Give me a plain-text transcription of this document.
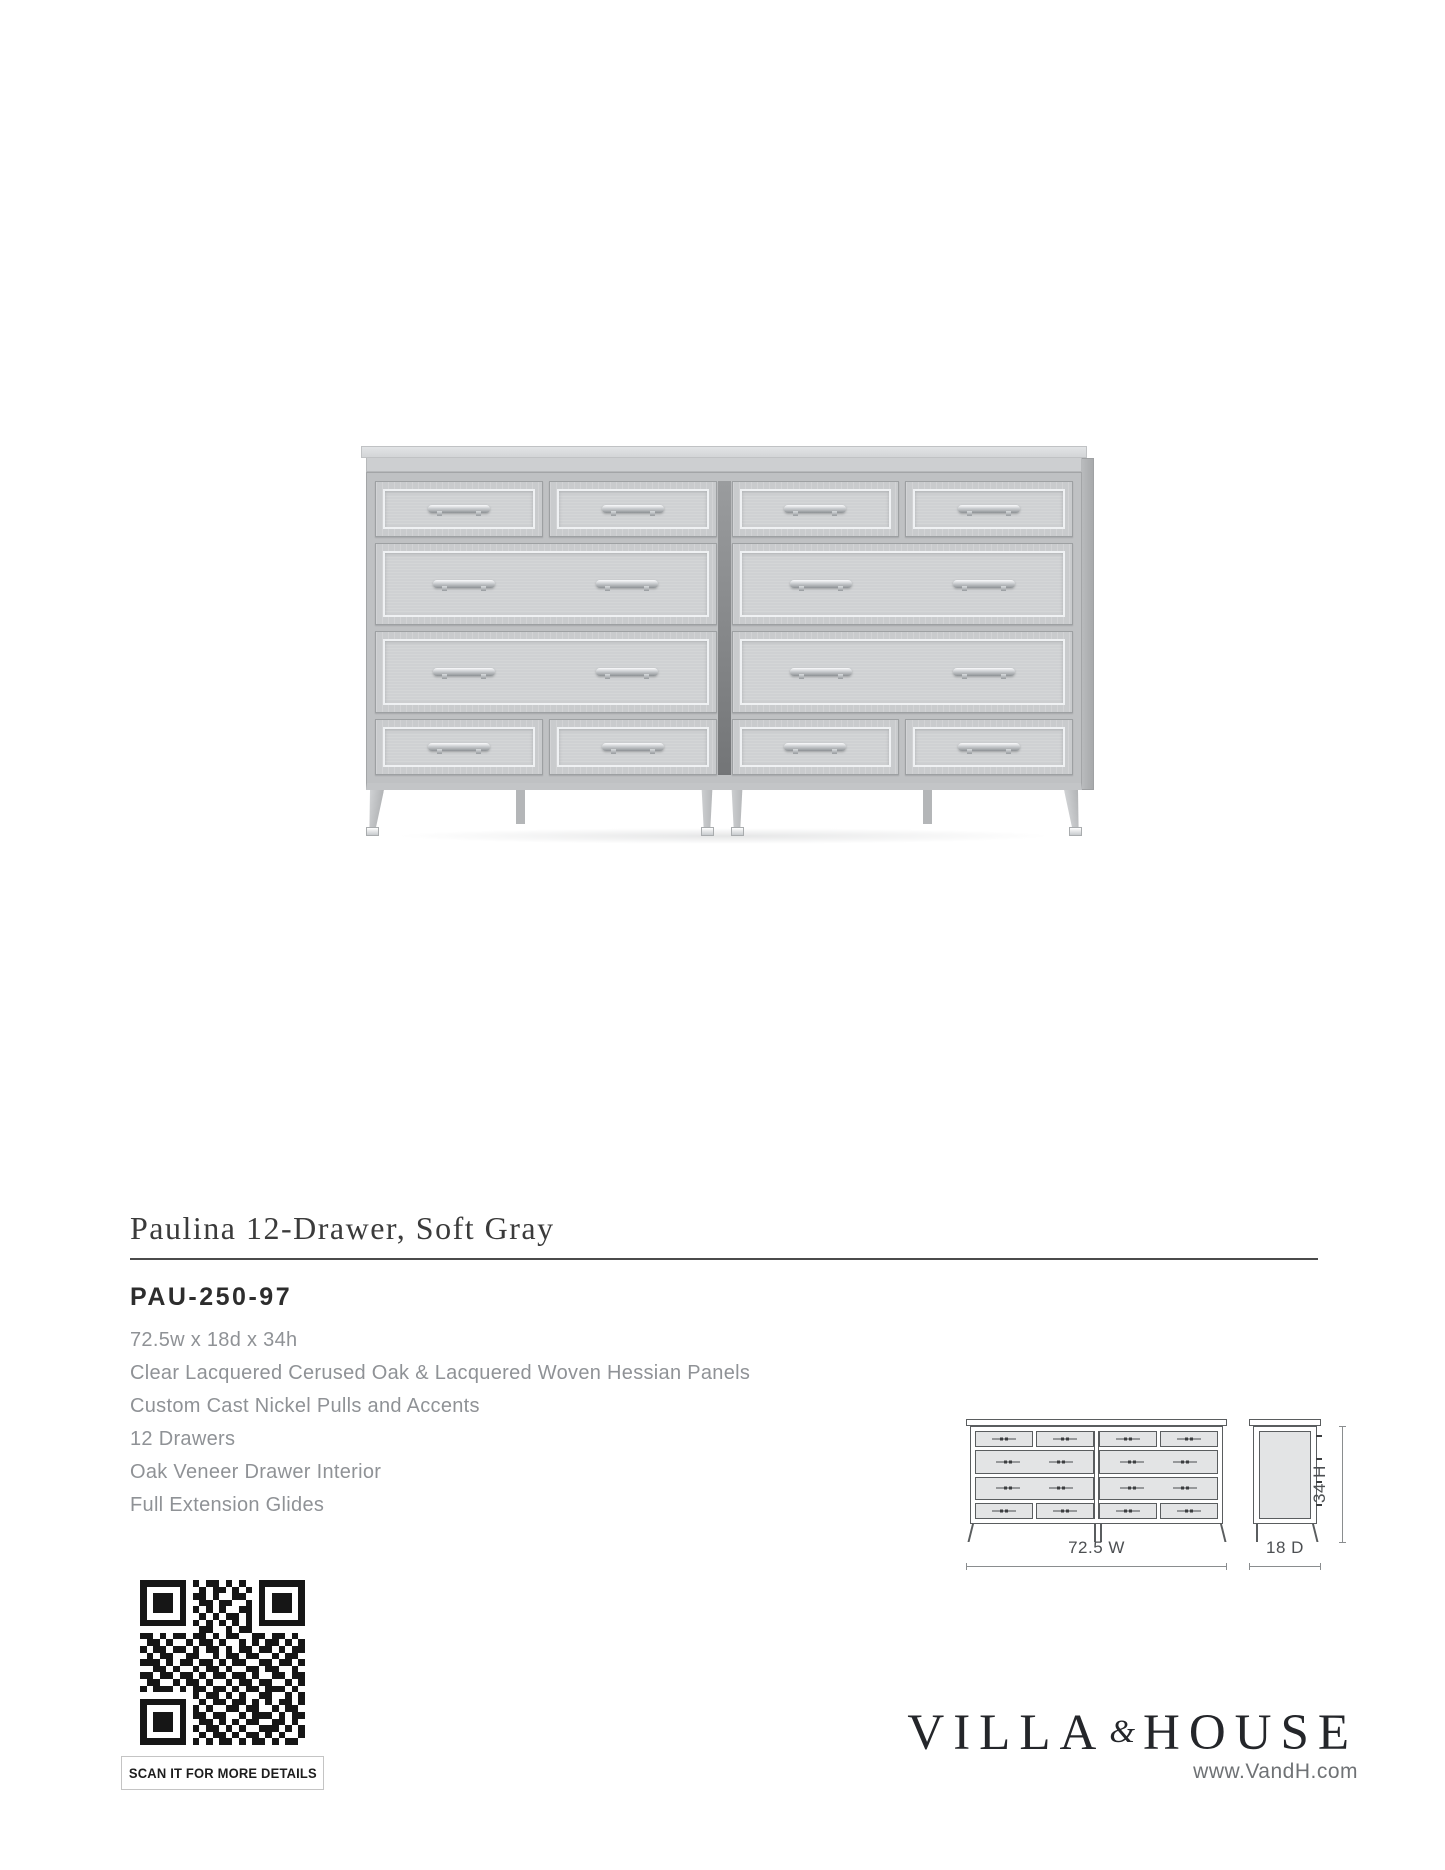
Paulina 12-Drawer, Soft Gray
PAU-250-97
72.5w x 18d x 34h
Clear Lacquered Cerused Oak & Lacquered Woven Hessian Panels
Custom Cast Nickel Pulls and Accents
12 Drawers
Oak Veneer Drawer Interior
Full Extension Glides
72.5 W	18 D
34 H
SCAN IT FOR MORE DETAILS
VILLA & HOUSE
www.VandH.com
